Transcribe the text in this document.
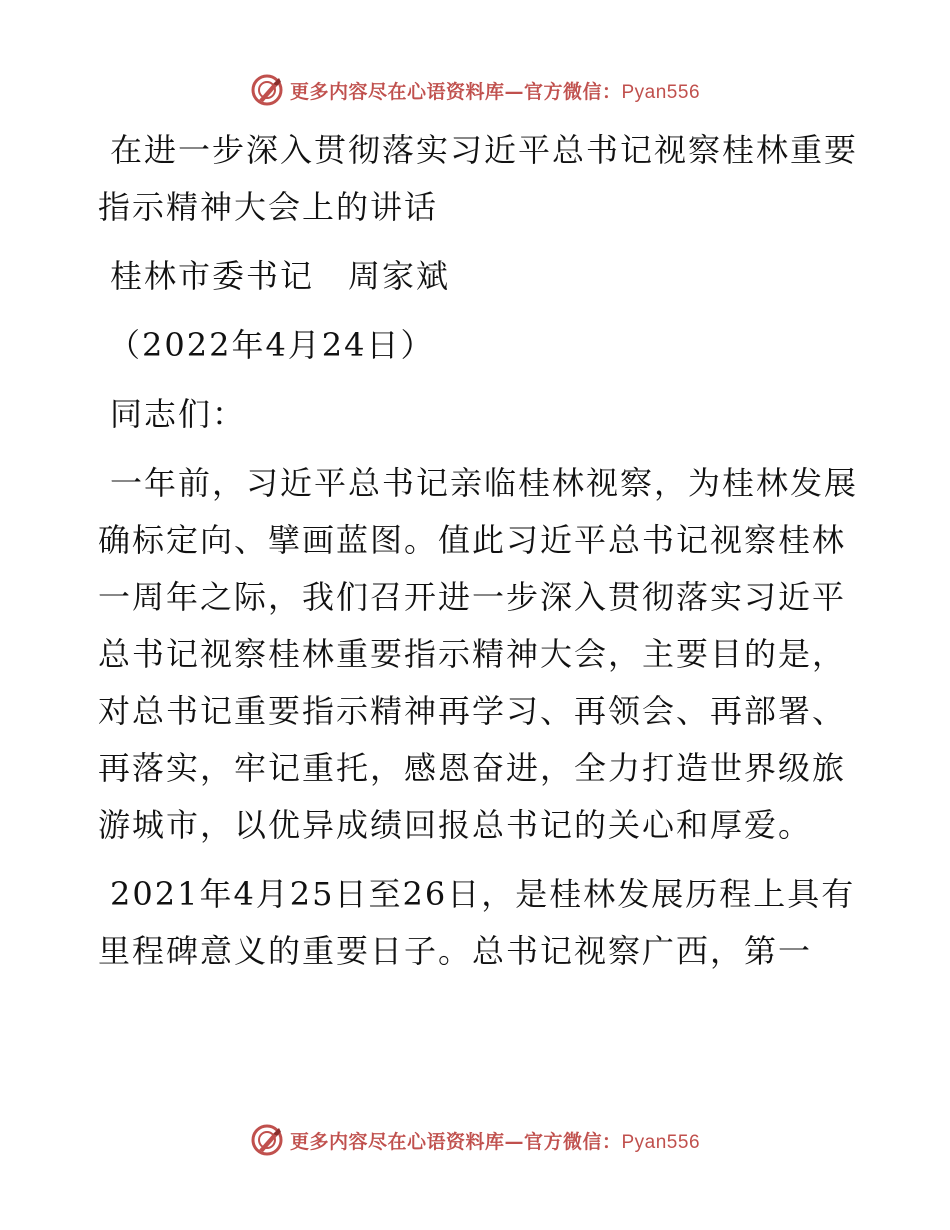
更多内容尽在心语资料库—官方微信：Pyan556

在进一步深入贯彻落实习近平总书记视察桂林重要指示精神大会上的讲话

桂林市委书记　周家斌

（2022年4月24日）

同志们：

一年前，习近平总书记亲临桂林视察，为桂林发展确标定向、擘画蓝图。值此习近平总书记视察桂林一周年之际，我们召开进一步深入贯彻落实习近平总书记视察桂林重要指示精神大会，主要目的是，对总书记重要指示精神再学习、再领会、再部署、再落实，牢记重托，感恩奋进，全力打造世界级旅游城市，以优异成绩回报总书记的关心和厚爱。

2021年4月25日至26日，是桂林发展历程上具有里程碑意义的重要日子。总书记视察广西，第一

更多内容尽在心语资料库—官方微信：Pyan556
